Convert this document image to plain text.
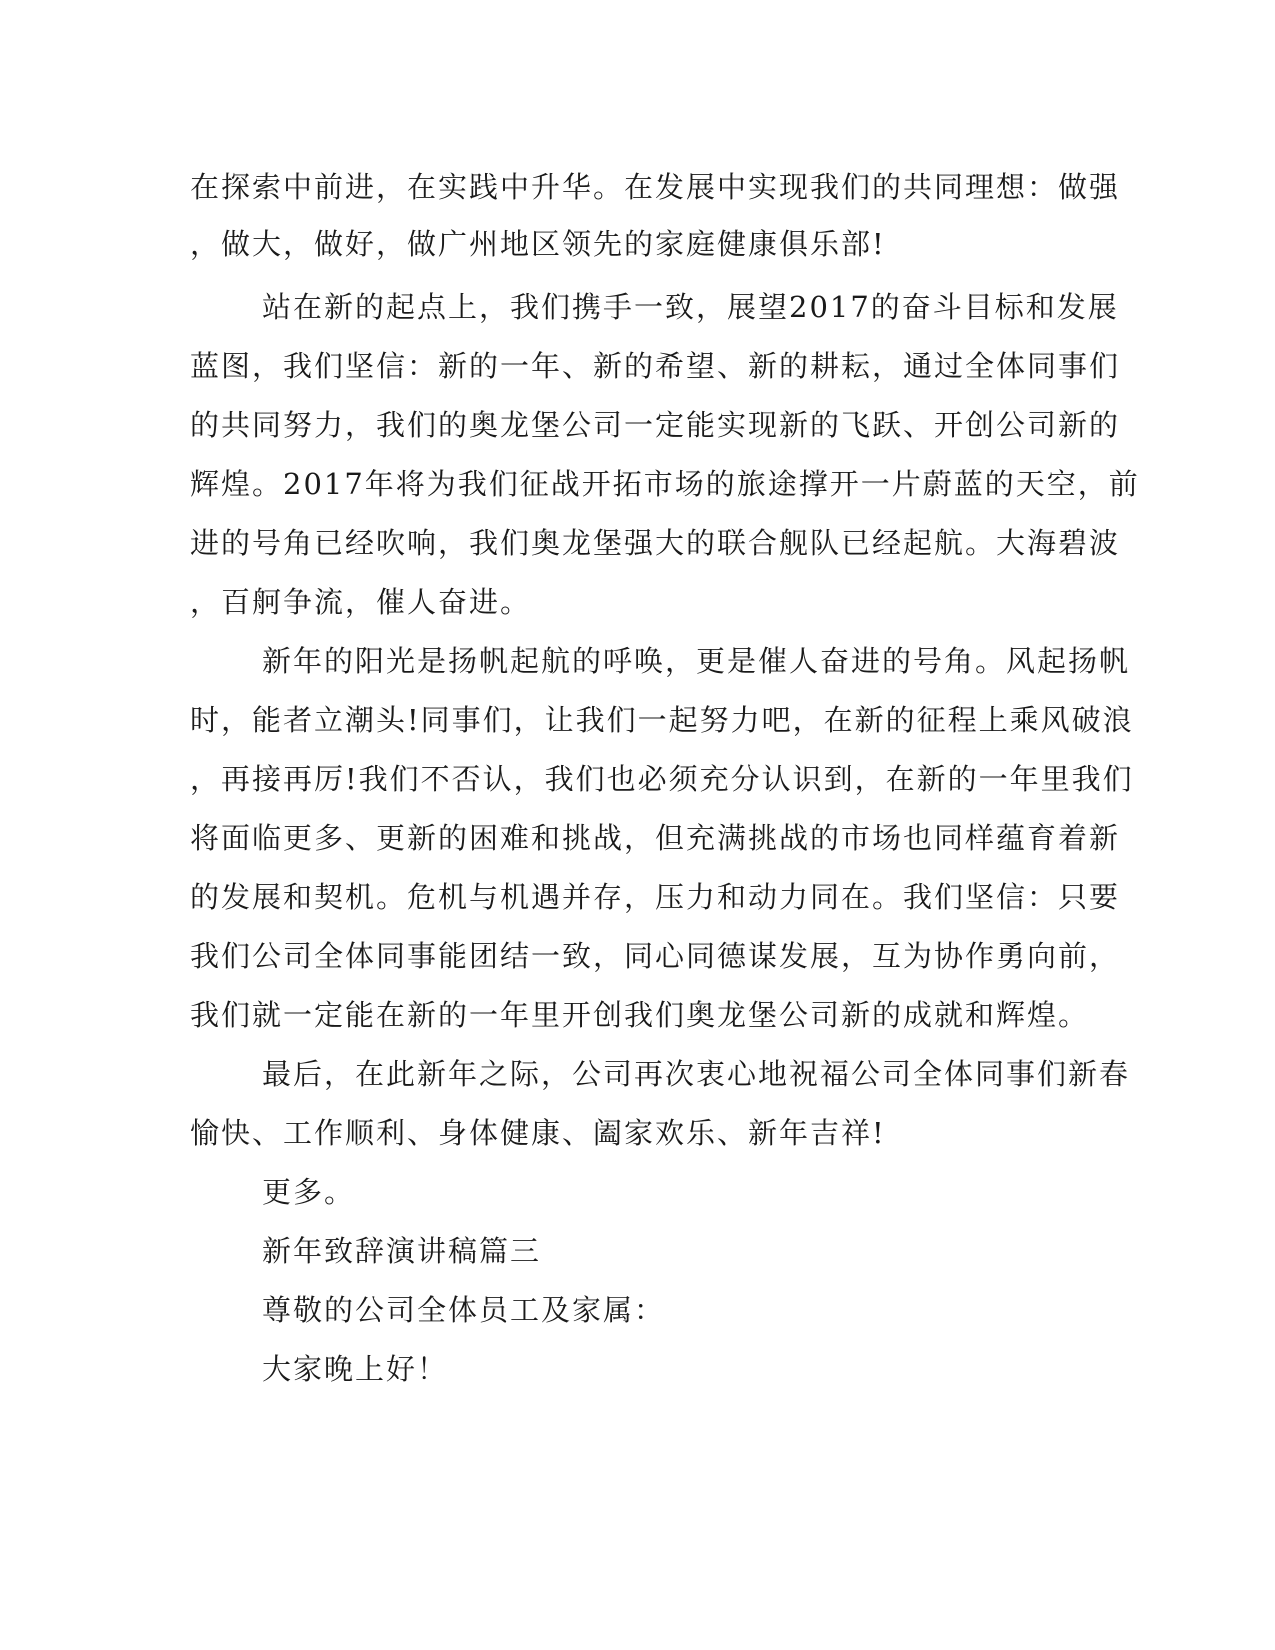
在探索中前进，在实践中升华。在发展中实现我们的共同理想：做强
，做大，做好，做广州地区领先的家庭健康俱乐部!
站在新的起点上，我们携手一致，展望2017的奋斗目标和发展
蓝图，我们坚信：新的一年、新的希望、新的耕耘，通过全体同事们
的共同努力，我们的奥龙堡公司一定能实现新的飞跃、开创公司新的
辉煌。2017年将为我们征战开拓市场的旅途撑开一片蔚蓝的天空，前
进的号角已经吹响，我们奥龙堡强大的联合舰队已经起航。大海碧波
，百舸争流，催人奋进。
新年的阳光是扬帆起航的呼唤，更是催人奋进的号角。风起扬帆
时，能者立潮头!同事们，让我们一起努力吧，在新的征程上乘风破浪
，再接再厉!我们不否认，我们也必须充分认识到，在新的一年里我们
将面临更多、更新的困难和挑战，但充满挑战的市场也同样蕴育着新
的发展和契机。危机与机遇并存，压力和动力同在。我们坚信：只要
我们公司全体同事能团结一致，同心同德谋发展，互为协作勇向前，
我们就一定能在新的一年里开创我们奥龙堡公司新的成就和辉煌。
最后，在此新年之际，公司再次衷心地祝福公司全体同事们新春
愉快、工作顺利、身体健康、阖家欢乐、新年吉祥!
更多。
新年致辞演讲稿篇三
尊敬的公司全体员工及家属：
大家晚上好！
